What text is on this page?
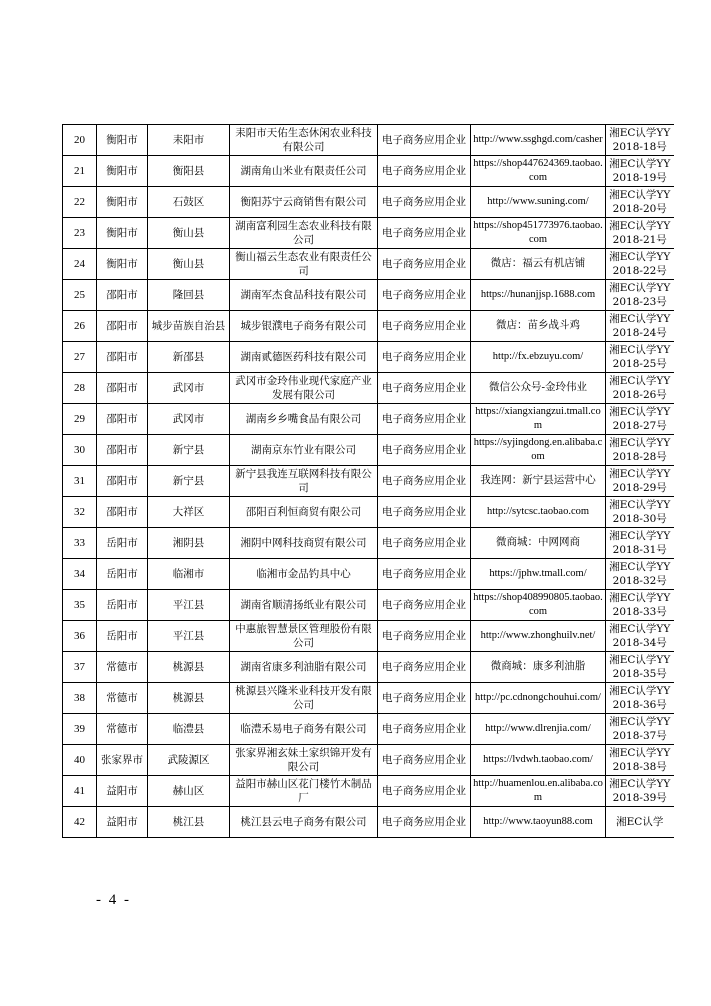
20	衡阳市	耒阳市	耒阳市天佑生态休闲农业科技有限公司	电子商务应用企业	http://www.ssghgd.com/casher	湘EC认学YY2018-18号
21	衡阳市	衡阳县	湖南角山米业有限责任公司	电子商务应用企业	https://shop447624369.taobao.com	湘EC认学YY2018-19号
22	衡阳市	石鼓区	衡阳苏宁云商销售有限公司	电子商务应用企业	http://www.suning.com/	湘EC认学YY2018-20号
23	衡阳市	衡山县	湖南富利园生态农业科技有限公司	电子商务应用企业	https://shop451773976.taobao.com	湘EC认学YY2018-21号
24	衡阳市	衡山县	衡山福云生态农业有限责任公司	电子商务应用企业	微店：福云有机店铺	湘EC认学YY2018-22号
25	邵阳市	隆回县	湖南军杰食品科技有限公司	电子商务应用企业	https://hunanjjsp.1688.com	湘EC认学YY2018-23号
26	邵阳市	城步苗族自治县	城步银濮电子商务有限公司	电子商务应用企业	微店：苗乡战斗鸡	湘EC认学YY2018-24号
27	邵阳市	新邵县	湖南贰德医药科技有限公司	电子商务应用企业	http://fx.ebzuyu.com/	湘EC认学YY2018-25号
28	邵阳市	武冈市	武冈市金玲伟业现代家庭产业发展有限公司	电子商务应用企业	微信公众号-金玲伟业	湘EC认学YY2018-26号
29	邵阳市	武冈市	湖南乡乡嘴食品有限公司	电子商务应用企业	https://xiangxiangzui.tmall.com	湘EC认学YY2018-27号
30	邵阳市	新宁县	湖南京东竹业有限公司	电子商务应用企业	https://syjingdong.en.alibaba.com	湘EC认学YY2018-28号
31	邵阳市	新宁县	新宁县我连互联网科技有限公司	电子商务应用企业	我连网：新宁县运营中心	湘EC认学YY2018-29号
32	邵阳市	大祥区	邵阳百利恒商贸有限公司	电子商务应用企业	http://sytcsc.taobao.com	湘EC认学YY2018-30号
33	岳阳市	湘阴县	湘阴中网科技商贸有限公司	电子商务应用企业	微商城：中网网商	湘EC认学YY2018-31号
34	岳阳市	临湘市	临湘市金品钓具中心	电子商务应用企业	https://jphw.tmall.com/	湘EC认学YY2018-32号
35	岳阳市	平江县	湖南省顺清扬纸业有限公司	电子商务应用企业	https://shop408990805.taobao.com	湘EC认学YY2018-33号
36	岳阳市	平江县	中惠旅智慧景区管理股份有限公司	电子商务应用企业	http://www.zhonghuilv.net/	湘EC认学YY2018-34号
37	常德市	桃源县	湖南省康多利油脂有限公司	电子商务应用企业	微商城：康多利油脂	湘EC认学YY2018-35号
38	常德市	桃源县	桃源县兴隆米业科技开发有限公司	电子商务应用企业	http://pc.cdnongchouhui.com/	湘EC认学YY2018-36号
39	常德市	临澧县	临澧禾易电子商务有限公司	电子商务应用企业	http://www.dlrenjia.com/	湘EC认学YY2018-37号
40	张家界市	武陵源区	张家界湘玄妹土家织锦开发有限公司	电子商务应用企业	https://lvdwh.taobao.com/	湘EC认学YY2018-38号
41	益阳市	赫山区	益阳市赫山区花门楼竹木制品厂	电子商务应用企业	http://huamenlou.en.alibaba.com	湘EC认学YY2018-39号
42	益阳市	桃江县	桃江县云电子商务有限公司	电子商务应用企业	http://www.taoyun88.com	湘EC认学
- 4 -
